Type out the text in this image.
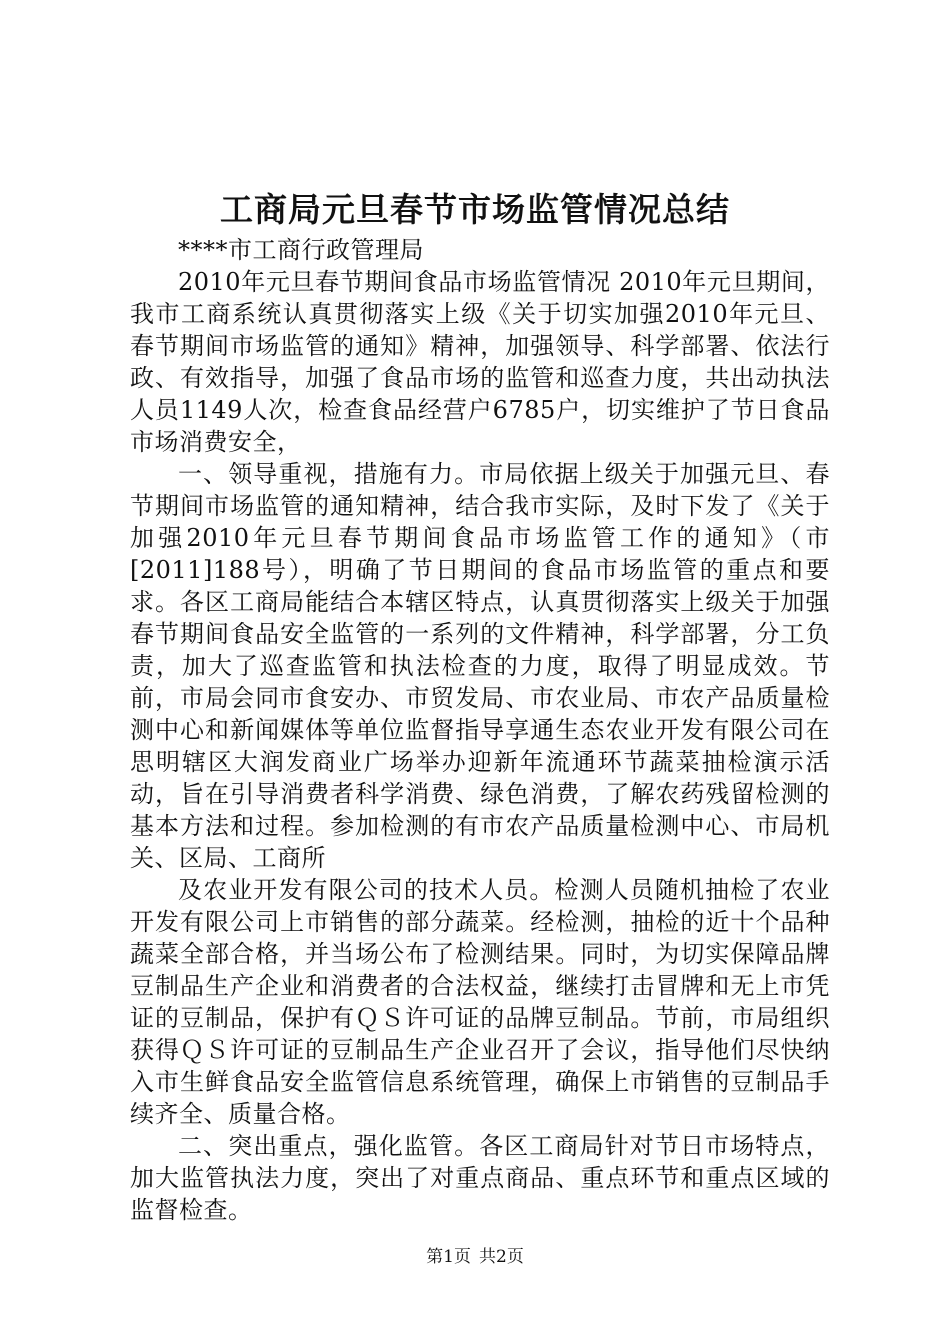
工商局元旦春节市场监管情况总结

****市工商行政管理局

2010年元旦春节期间食品市场监管情况 2010年元旦期间，我市工商系统认真贯彻落实上级《关于切实加强2010年元旦、春节期间市场监管的通知》精神，加强领导、科学部署、依法行政、有效指导，加强了食品市场的监管和巡查力度，共出动执法人员1149人次，检查食品经营户6785户，切实维护了节日食品市场消费安全，

一、领导重视，措施有力。市局依据上级关于加强元旦、春节期间市场监管的通知精神，结合我市实际，及时下发了《关于加强2010年元旦春节期间食品市场监管工作的通知》（市[2011]188号），明确了节日期间的食品市场监管的重点和要求。各区工商局能结合本辖区特点，认真贯彻落实上级关于加强春节期间食品安全监管的一系列的文件精神，科学部署，分工负责，加大了巡查监管和执法检查的力度，取得了明显成效。节前，市局会同市食安办、市贸发局、市农业局、市农产品质量检测中心和新闻媒体等单位监督指导享通生态农业开发有限公司在思明辖区大润发商业广场举办迎新年流通环节蔬菜抽检演示活动，旨在引导消费者科学消费、绿色消费，了解农药残留检测的基本方法和过程。参加检测的有市农产品质量检测中心、市局机关、区局、工商所

及农业开发有限公司的技术人员。检测人员随机抽检了农业开发有限公司上市销售的部分蔬菜。经检测，抽检的近十个品种蔬菜全部合格，并当场公布了检测结果。同时，为切实保障品牌豆制品生产企业和消费者的合法权益，继续打击冒牌和无上市凭证的豆制品，保护有ＱＳ许可证的品牌豆制品。节前，市局组织获得ＱＳ许可证的豆制品生产企业召开了会议，指导他们尽快纳入市生鲜食品安全监管信息系统管理，确保上市销售的豆制品手续齐全、质量合格。

二、突出重点，强化监管。各区工商局针对节日市场特点，加大监管执法力度，突出了对重点商品、重点环节和重点区域的监督检查。

第1页 共2页
